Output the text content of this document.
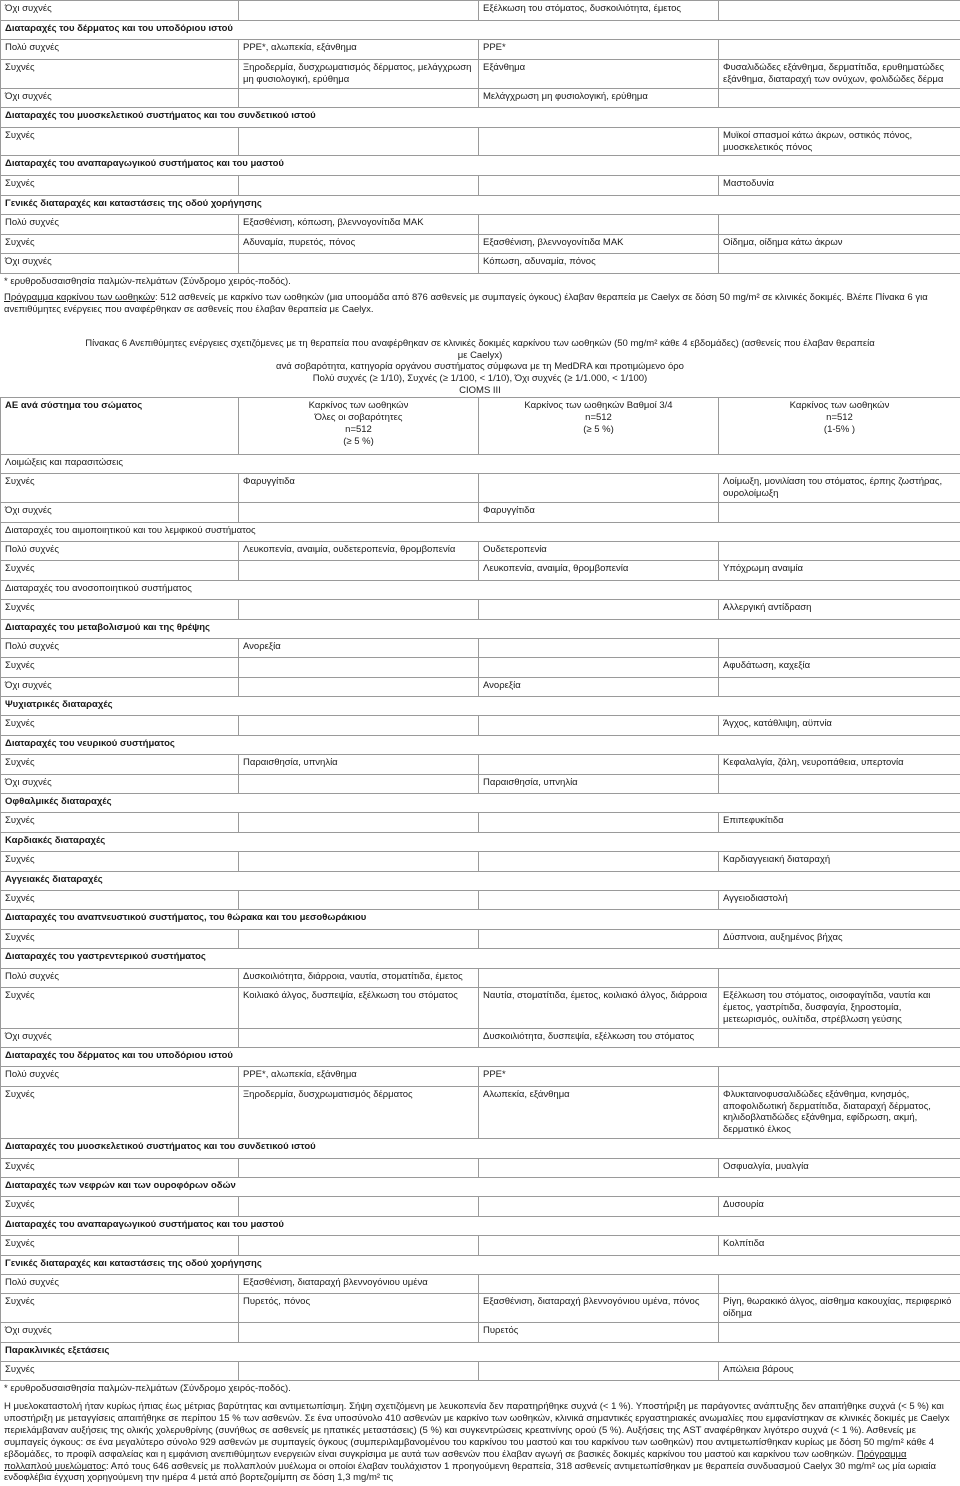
Όχι συχνές		Εξέλκωση του στόματος, δυσκοιλιότητα, έμετος	
Διαταραχές του δέρματος και του υποδόριου ιστού			
Πολύ συχνές	PPE*, αλωπεκία, εξάνθημα	PPE*	
Συχνές	Ξηροδερμία, δυσχρωματισμός δέρματος, μελάγχρωση μη φυσιολογική, ερύθημα	Εξάνθημα	Φυσαλιδώδες εξάνθημα, δερματίτιδα, ερυθηματώδες εξάνθημα, διαταραχή των ονύχων, φολιδώδες δέρμα
Όχι συχνές		Μελάγχρωση μη φυσιολογική, ερύθημα	
Διαταραχές του μυοσκελετικού συστήματος και του συνδετικού ιστού			
Συχνές			Μυϊκοί σπασμοί κάτω άκρων, οστικός πόνος, μυοσκελετικός πόνος
Διαταραχές του αναπαραγωγικού συστήματος και του μαστού			
Συχνές			Μαστοδυνία
Γενικές διαταραχές και καταστάσεις της οδού χορήγησης			
Πολύ συχνές	Εξασθένιση, κόπωση, βλεννογονίτιδα ΜΑΚ		
Συχνές	Αδυναμία, πυρετός, πόνος	Εξασθένιση, βλεννογονίτιδα ΜΑΚ	Οίδημα, οίδημα κάτω άκρων
Όχι συχνές		Κόπωση, αδυναμία, πόνος	
* ερυθροδυσαισθησία παλμών-πελμάτων (Σύνδρομο χειρός-ποδός).
Πρόγραμμα καρκίνου των ωοθηκών: 512 ασθενείς με καρκίνο των ωοθηκών (μια υποομάδα από 876 ασθενείς με συμπαγείς όγκους) έλαβαν θεραπεία με Caelyx σε δόση 50 mg/m² σε κλινικές δοκιμές. Βλέπε Πίνακα 6 για ανεπιθύμητες ενέργειες που αναφέρθηκαν σε ασθενείς που έλαβαν θεραπεία με Caelyx.
Πίνακας 6 Ανεπιθύμητες ενέργειες σχετιζόμενες με τη θεραπεία που αναφέρθηκαν σε κλινικές δοκιμές καρκίνου των ωοθηκών (50 mg/m² κάθε 4 εβδομάδες) (ασθενείς που έλαβαν θεραπεία με Caelyx)
ανά σοβαρότητα, κατηγορία οργάνου συστήματος σύμφωνα με τη MedDRA και προτιμώμενο όρο
Πολύ συχνές (≥ 1/10), Συχνές (≥ 1/100, < 1/10), Όχι συχνές (≥ 1/1.000, < 1/100)
CIOMS III
ΑΕ ανά σύστημα του σώματος	Καρκίνος των ωοθηκών
Όλες οι σοβαρότητες
n=512
(≥ 5 %)	Καρκίνος των ωοθηκών Βαθμοί 3/4
n=512
(≥ 5 %)	Καρκίνος των ωοθηκών
n=512
(1-5% )
Λοιμώξεις και παρασιτώσεις			
Συχνές	Φαρυγγίτιδα		Λοίμωξη, μονιλίαση του στόματος, έρπης ζωστήρας, ουρολοίμωξη
Όχι συχνές		Φαρυγγίτιδα	
Διαταραχές του αιμοποιητικού και του λεμφικού συστήματος			
Πολύ συχνές	Λευκοπενία, αναιμία, ουδετεροπενία, θρομβοπενία	Ουδετεροπενία	
Συχνές		Λευκοπενία, αναιμία, θρομβοπενία	Υπόχρωμη αναιμία
Διαταραχές του ανοσοποιητικού συστήματος			
Συχνές			Αλλεργική αντίδραση
Διαταραχές του μεταβολισμού και της θρέψης			
Πολύ συχνές	Ανορεξία		
Συχνές			Αφυδάτωση, καχεξία
Όχι συχνές		Ανορεξία	
Ψυχιατρικές διαταραχές			
Συχνές			Άγχος, κατάθλιψη, αϋπνία
Διαταραχές του νευρικού συστήματος			
Συχνές	Παραισθησία, υπνηλία		Κεφαλαλγία, ζάλη, νευροπάθεια, υπερτονία
Όχι συχνές		Παραισθησία, υπνηλία	
Οφθαλμικές διαταραχές			
Συχνές			Επιπεφυκίτιδα
Καρδιακές διαταραχές			
Συχνές			Καρδιαγγειακή διαταραχή
Αγγειακές διαταραχές			
Συχνές			Αγγειοδιαστολή
Διαταραχές του αναπνευστικού συστήματος, του θώρακα και του μεσοθωράκιου			
Συχνές			Δύσπνοια, αυξημένος βήχας
Διαταραχές του γαστρεντερικού συστήματος			
Πολύ συχνές	Δυσκοιλιότητα, διάρροια, ναυτία, στοματίτιδα, έμετος		
Συχνές	Κοιλιακό άλγος, δυσπεψία, εξέλκωση του στόματος	Ναυτία, στοματίτιδα, έμετος, κοιλιακό άλγος, διάρροια	Εξέλκωση του στόματος, οισοφαγίτιδα, ναυτία και έμετος, γαστρίτιδα, δυσφαγία, ξηροστομία, μετεωρισμός, ουλίτιδα, στρέβλωση γεύσης
Όχι συχνές		Δυσκοιλιότητα, δυσπεψία, εξέλκωση του στόματος	
Διαταραχές του δέρματος και του υποδόριου ιστού			
Πολύ συχνές	PPE*, αλωπεκία, εξάνθημα	PPE*	
Συχνές	Ξηροδερμία, δυσχρωματισμός δέρματος	Αλωπεκία, εξάνθημα	Φλυκταινοφυσαλιδώδες εξάνθημα, κνησμός, αποφολιδωτική δερματίτιδα, διαταραχή δέρματος, κηλιδοβλατιδώδες εξάνθημα, εφίδρωση, ακμή, δερματικό έλκος
Διαταραχές του μυοσκελετικού συστήματος και του συνδετικού ιστού			
Συχνές			Οσφυαλγία, μυαλγία
Διαταραχές των νεφρών και των ουροφόρων οδών			
Συχνές			Δυσουρία
Διαταραχές του αναπαραγωγικού συστήματος και του μαστού			
Συχνές			Κολπίτιδα
Γενικές διαταραχές και καταστάσεις της οδού χορήγησης			
Πολύ συχνές	Εξασθένιση, διαταραχή βλεννογόνιου υμένα		
Συχνές	Πυρετός, πόνος	Εξασθένιση, διαταραχή βλεννογόνιου υμένα, πόνος	Ρίγη, θωρακικό άλγος, αίσθημα κακουχίας, περιφερικό οίδημα
Όχι συχνές		Πυρετός	
Παρακλινικές εξετάσεις			
Συχνές			Απώλεια βάρους
* ερυθροδυσαισθησία παλμών-πελμάτων (Σύνδρομο χειρός-ποδός).
Η μυελοκαταστολή ήταν κυρίως ήπιας έως μέτριας βαρύτητας και αντιμετωπίσιμη. Σήψη σχετιζόμενη με λευκοπενία δεν παρατηρήθηκε συχνά (< 1 %). Υποστήριξη με παράγοντες ανάπτυξης δεν απαιτήθηκε συχνά (< 5 %) και υποστήριξη με μεταγγίσεις απαιτήθηκε σε περίπου 15 % των ασθενών. Σε ένα υποσύνολο 410 ασθενών με καρκίνο των ωοθηκών, κλινικά σημαντικές εργαστηριακές ανωμαλίες που εμφανίστηκαν σε κλινικές δοκιμές με Caelyx περιελάμβαναν αυξήσεις της ολικής χολερυθρίνης (συνήθως σε ασθενείς με ηπατικές μεταστάσεις) (5 %) και συγκεντρώσεις κρεατινίνης ορού (5 %). Αυξήσεις της AST αναφέρθηκαν λιγότερο συχνά (< 1 %). Ασθενείς με συμπαγείς όγκους: σε ένα μεγαλύτερο σύνολο 929 ασθενών με συμπαγείς όγκους (συμπεριλαμβανομένου του καρκίνου του μαστού και του καρκίνου των ωοθηκών) που αντιμετωπίσθηκαν κυρίως με δόση 50 mg/m² κάθε 4 εβδομάδες, το προφίλ ασφαλείας και η εμφάνιση ανεπιθύμητων ενεργειών είναι συγκρίσιμα με αυτά των ασθενών που έλαβαν αγωγή σε βασικές δοκιμές καρκίνου του μαστού και καρκίνου των ωοθηκών. Πρόγραμμα πολλαπλού μυελώματος: Από τους 646 ασθενείς με πολλαπλούν μυέλωμα οι οποίοι έλαβαν τουλάχιστον 1 προηγούμενη θεραπεία, 318 ασθενείς αντιμετωπίσθηκαν με θεραπεία συνδυασμού Caelyx 30 mg/m² ως μία ωριαία ενδοφλέβια έγχυση χορηγούμενη την ημέρα 4 μετά από βορτεζομίμπη σε δόση 1,3 mg/m² τις
